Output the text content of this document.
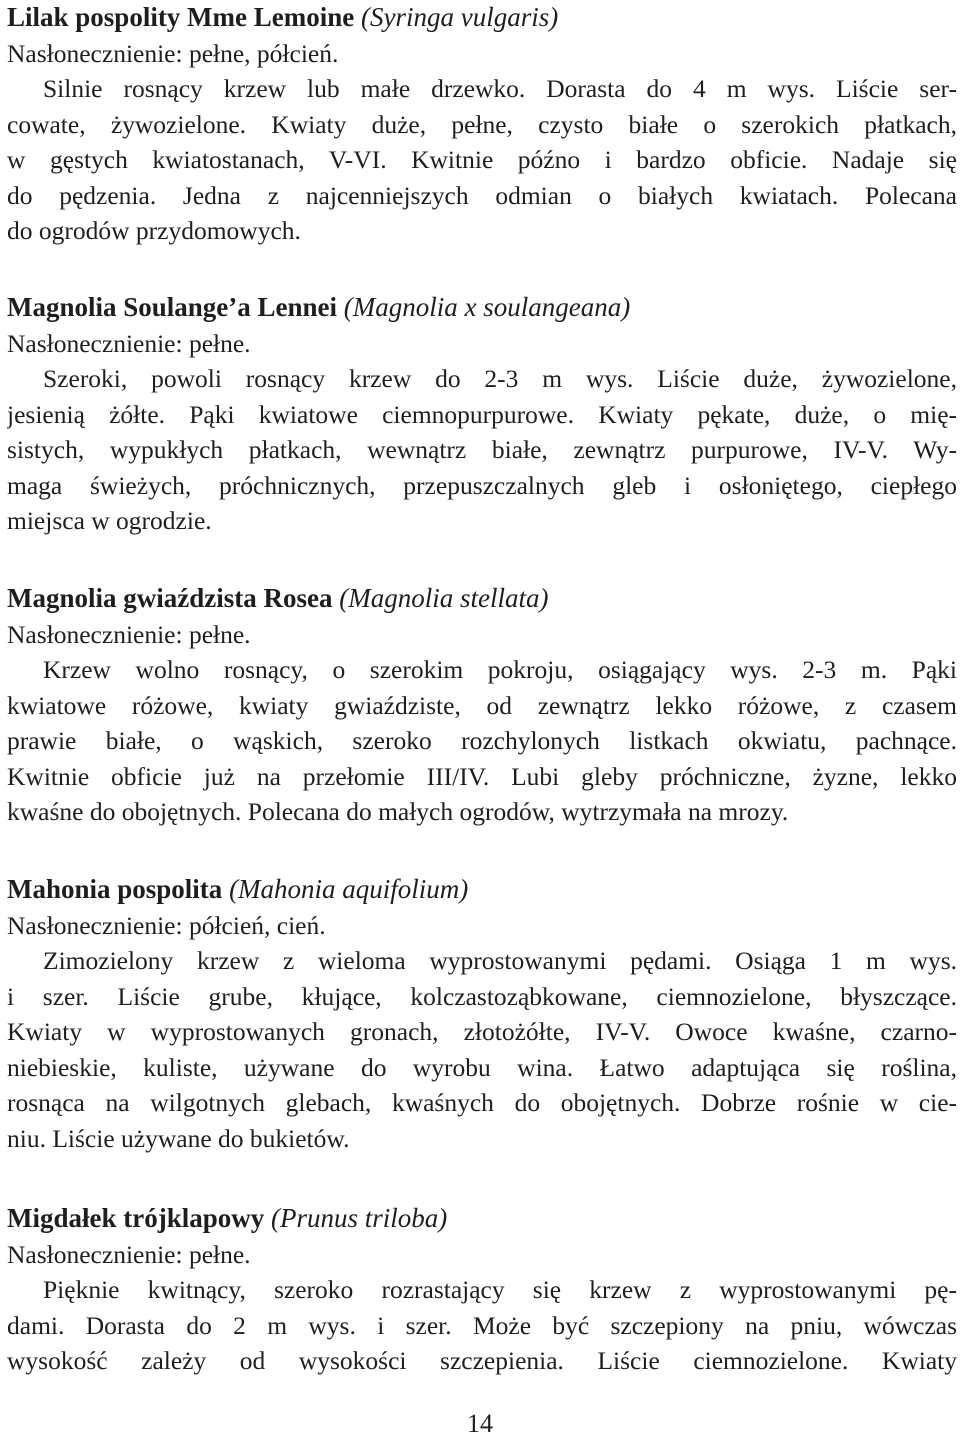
Lilak pospolity Mme Lemoine (Syringa vulgaris)
Nasłonecznienie: pełne, półcień.
Silnie rosnący krzew lub małe drzewko. Dorasta do 4 m wys. Liście ser-
cowate, żywozielone. Kwiaty duże, pełne, czysto białe o szerokich płatkach,
w gęstych kwiatostanach, V-VI. Kwitnie późno i bardzo obficie. Nadaje się
do pędzenia. Jedna z najcenniejszych odmian o białych kwiatach. Polecana
do ogrodów przydomowych.
Magnolia Soulange’a Lennei (Magnolia x soulangeana)
Nasłonecznienie: pełne.
Szeroki, powoli rosnący krzew do 2-3 m wys. Liście duże, żywozielone,
jesienią żółte. Pąki kwiatowe ciemnopurpurowe. Kwiaty pękate, duże, o mię-
sistych, wypukłych płatkach, wewnątrz białe, zewnątrz purpurowe, IV-V. Wy-
maga świeżych, próchnicznych, przepuszczalnych gleb i osłoniętego, ciepłego
miejsca w ogrodzie.
Magnolia gwiaździsta Rosea (Magnolia stellata)
Nasłonecznienie: pełne.
Krzew wolno rosnący, o szerokim pokroju, osiągający wys. 2-3 m. Pąki
kwiatowe różowe, kwiaty gwiaździste, od zewnątrz lekko różowe, z czasem
prawie białe, o wąskich, szeroko rozchylonych listkach okwiatu, pachnące.
Kwitnie obficie już na przełomie III/IV. Lubi gleby próchniczne, żyzne, lekko
kwaśne do obojętnych. Polecana do małych ogrodów, wytrzymała na mrozy.
Mahonia pospolita (Mahonia aquifolium)
Nasłonecznienie: półcień, cień.
Zimozielony krzew z wieloma wyprostowanymi pędami. Osiąga 1 m wys.
i szer. Liście grube, kłujące, kolczastoząbkowane, ciemnozielone, błyszczące.
Kwiaty w wyprostowanych gronach, złotożółte, IV-V. Owoce kwaśne, czarno-
niebieskie, kuliste, używane do wyrobu wina. Łatwo adaptująca się roślina,
rosnąca na wilgotnych glebach, kwaśnych do obojętnych. Dobrze rośnie w cie-
niu. Liście używane do bukietów.
Migdałek trójklapowy (Prunus triloba)
Nasłonecznienie: pełne.
Pięknie kwitnący, szeroko rozrastający się krzew z wyprostowanymi pę-
dami. Dorasta do 2 m wys. i szer. Może być szczepiony na pniu, wówczas
wysokość zależy od wysokości szczepienia. Liście ciemnozielone. Kwiaty
14
